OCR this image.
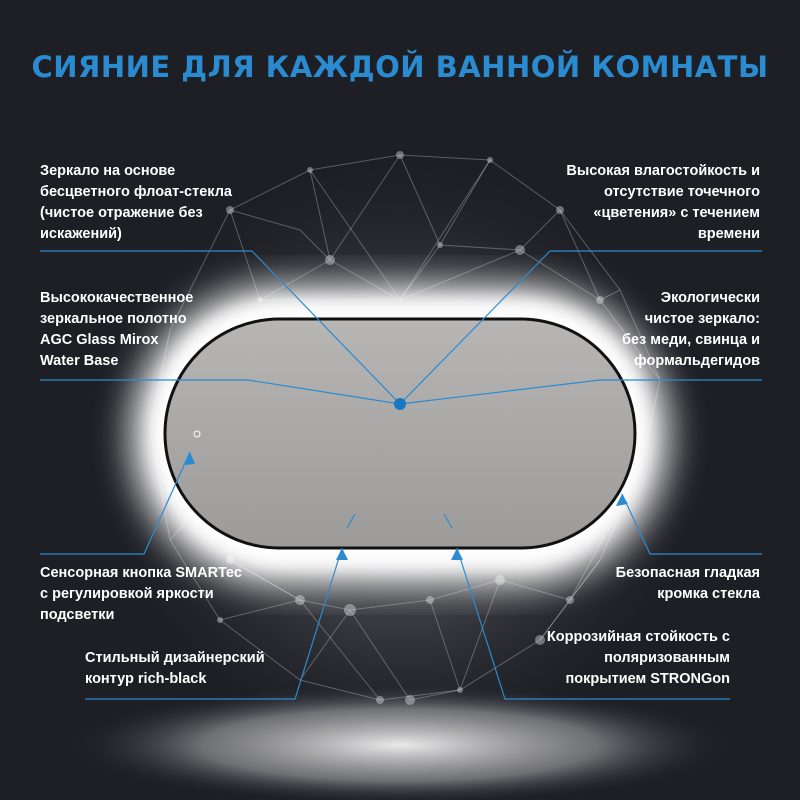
СИЯНИЕ ДЛЯ КАЖДОЙ ВАННОЙ КОМНАТЫ
Зеркало на основе
бесцветного флоат-стекла
(чистое отражение без
искажений)
Высокая влагостойкость и
отсутствие точечного
«цветения» с течением
времени
Высококачественное
зеркальное полотно
AGC Glass Mirox
Water Base
Экологически
чистое зеркало:
без меди, свинца и
формальдегидов
Сенсорная кнопка SMARTec
с регулировкой яркости
подсветки
Безопасная гладкая
кромка стекла
Стильный дизайнерский
контур rich-black
Коррозийная стойкость с
поляризованным
покрытием STRONGon
